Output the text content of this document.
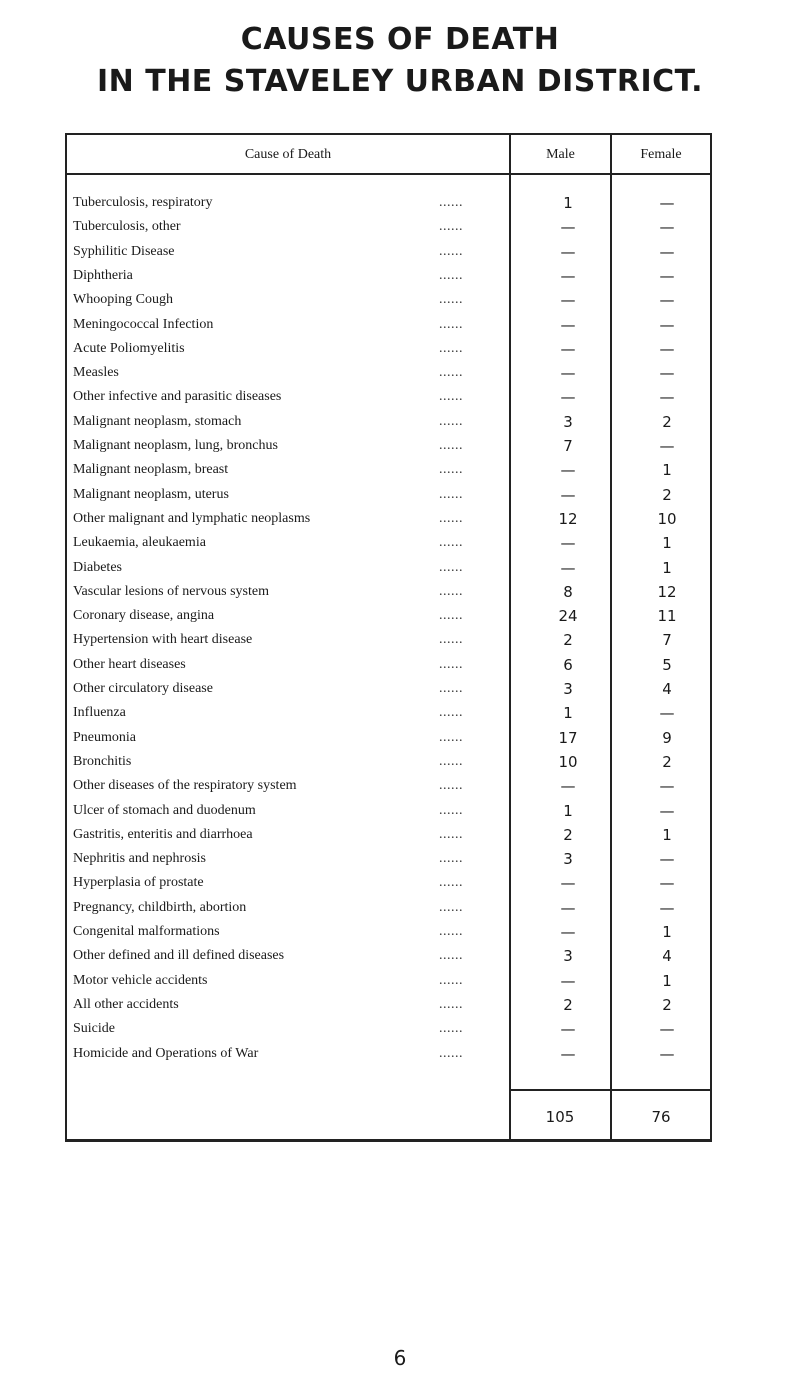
CAUSES OF DEATH
IN THE STAVELEY URBAN DISTRICT.
Cause of Death	Male	Female
Tuberculosis, respiratory	......	1	—
Tuberculosis, other	......	—	—
Syphilitic Disease	......	—	—
Diphtheria	......	—	—
Whooping Cough	......	—	—
Meningococcal Infection	......	—	—
Acute Poliomyelitis	......	—	—
Measles	......	—	—
Other infective and parasitic diseases	......	—	—
Malignant neoplasm, stomach	......	3	2
Malignant neoplasm, lung, bronchus	......	7	—
Malignant neoplasm, breast	......	—	1
Malignant neoplasm, uterus	......	—	2
Other malignant and lymphatic neoplasms	......	12	10
Leukaemia, aleukaemia	......	—	1
Diabetes	......	—	1
Vascular lesions of nervous system	......	8	12
Coronary disease, angina	......	24	11
Hypertension with heart disease	......	2	7
Other heart diseases	......	6	5
Other circulatory disease	......	3	4
Influenza	......	1	—
Pneumonia	......	17	9
Bronchitis	......	10	2
Other diseases of the respiratory system	......	—	—
Ulcer of stomach and duodenum	......	1	—
Gastritis, enteritis and diarrhoea	......	2	1
Nephritis and nephrosis	......	3	—
Hyperplasia of prostate	......	—	—
Pregnancy, childbirth, abortion	......	—	—
Congenital malformations	......	—	1
Other defined and ill defined diseases	......	3	4
Motor vehicle accidents	......	—	1
All other accidents	......	2	2
Suicide	......	—	—
Homicide and Operations of War	......	—	—
105	76
6
